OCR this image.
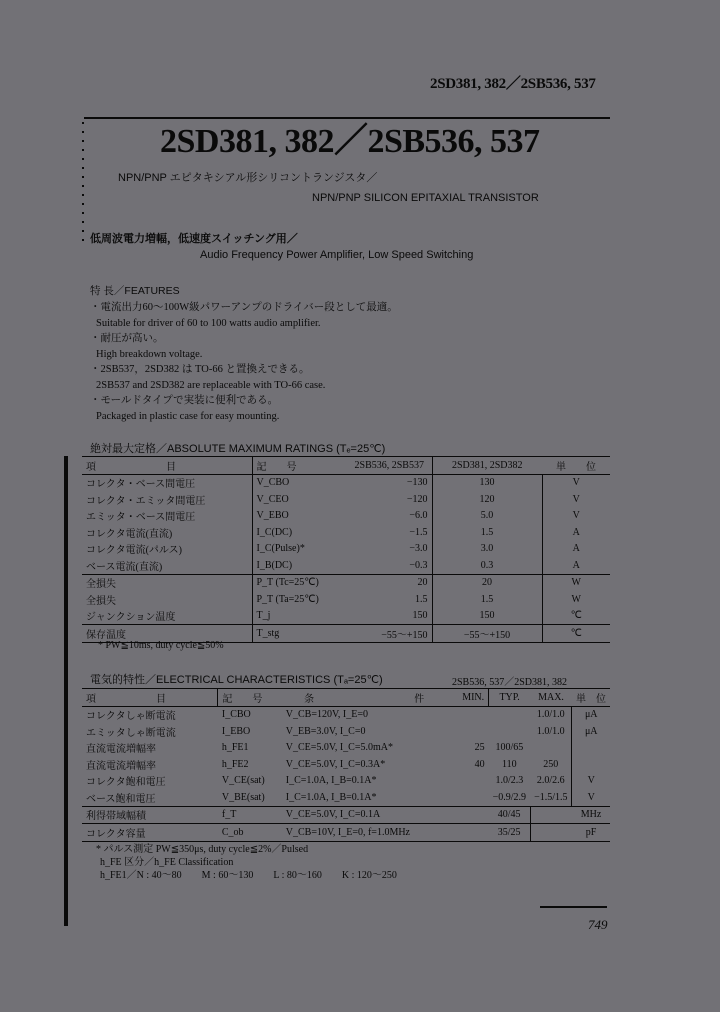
2SD381, 382／2SB536, 537
2SD381, 382／2SB536, 537
NPN/PNP エピタキシアル形シリコントランジスタ／
NPN/PNP SILICON EPITAXIAL TRANSISTOR
低周波電力増幅，低速度スイッチング用／
Audio Frequency Power Amplifier, Low Speed Switching
特 長／FEATURES
・電流出力60～100W級パワーアンプのドライバー段として最適。
Suitable for driver of 60 to 100 watts audio amplifier.
・耐圧が高い。
High breakdown voltage.
・2SB537，2SD382 は TO-66 と置換えできる。
2SB537 and 2SD382 are replaceable with TO-66 case.
・モールドタイプで実装に便利である。
Packaged in plastic case for easy mounting.
絶対最大定格／ABSOLUTE MAXIMUM RATINGS (Tₑ=25℃)
項　　　　　　　目	記　　号	2SB536, 2SB537	2SD381, 2SD382	単　　位
コレクタ・ベース間電圧	V_CBO	−130	130	V
コレクタ・エミッタ間電圧	V_CEO	−120	120	V
エミッタ・ベース間電圧	V_EBO	−6.0	5.0	V
コレクタ電流(直流)	I_C(DC)	−1.5	1.5	A
コレクタ電流(パルス)	I_C(Pulse)*	−3.0	3.0	A
ベース電流(直流)	I_B(DC)	−0.3	0.3	A
全損失	P_T (Tc=25℃)	20	20	W
全損失	P_T (Ta=25℃)	1.5	1.5	W
ジャンクション温度	T_j	150	150	℃
保存温度	T_stg	−55～+150	−55～+150	℃
* PW≦10ms, duty cycle≦50%
電気的特性／ELECTRICAL CHARACTERISTICS (Tₐ=25℃)	2SB536, 537／2SD381, 382
項　　　　　　目	記　　号	条　　　　　　　　　　件	MIN.	TYP.	MAX.	単　位
コレクタしゃ断電流	I_CBO	V_CB=120V, I_E=0			1.0/1.0	μA
エミッタしゃ断電流	I_EBO	V_EB=3.0V, I_C=0			1.0/1.0	μA
直流電流増幅率	h_FE1	V_CE=5.0V, I_C=5.0mA*	25	100/65		
直流電流増幅率	h_FE2	V_CE=5.0V, I_C=0.3A*	40	110	250	
コレクタ飽和電圧	V_CE(sat)	I_C=1.0A, I_B=0.1A*		1.0/2.3	2.0/2.6	V
ベース飽和電圧	V_BE(sat)	I_C=1.0A, I_B=0.1A*		−0.9/2.9	−1.5/1.5	V
利得帯域幅積	f_T	V_CE=5.0V, I_C=0.1A		40/45		MHz
コレクタ容量	C_ob	V_CB=10V, I_E=0, f=1.0MHz		35/25		pF
* パルス測定 PW≦350μs, duty cycle≦2%／Pulsed
h_FE 区分／h_FE Classification
h_FE1／N : 40～80　　M : 60～130　　L : 80～160　　K : 120～250
749
